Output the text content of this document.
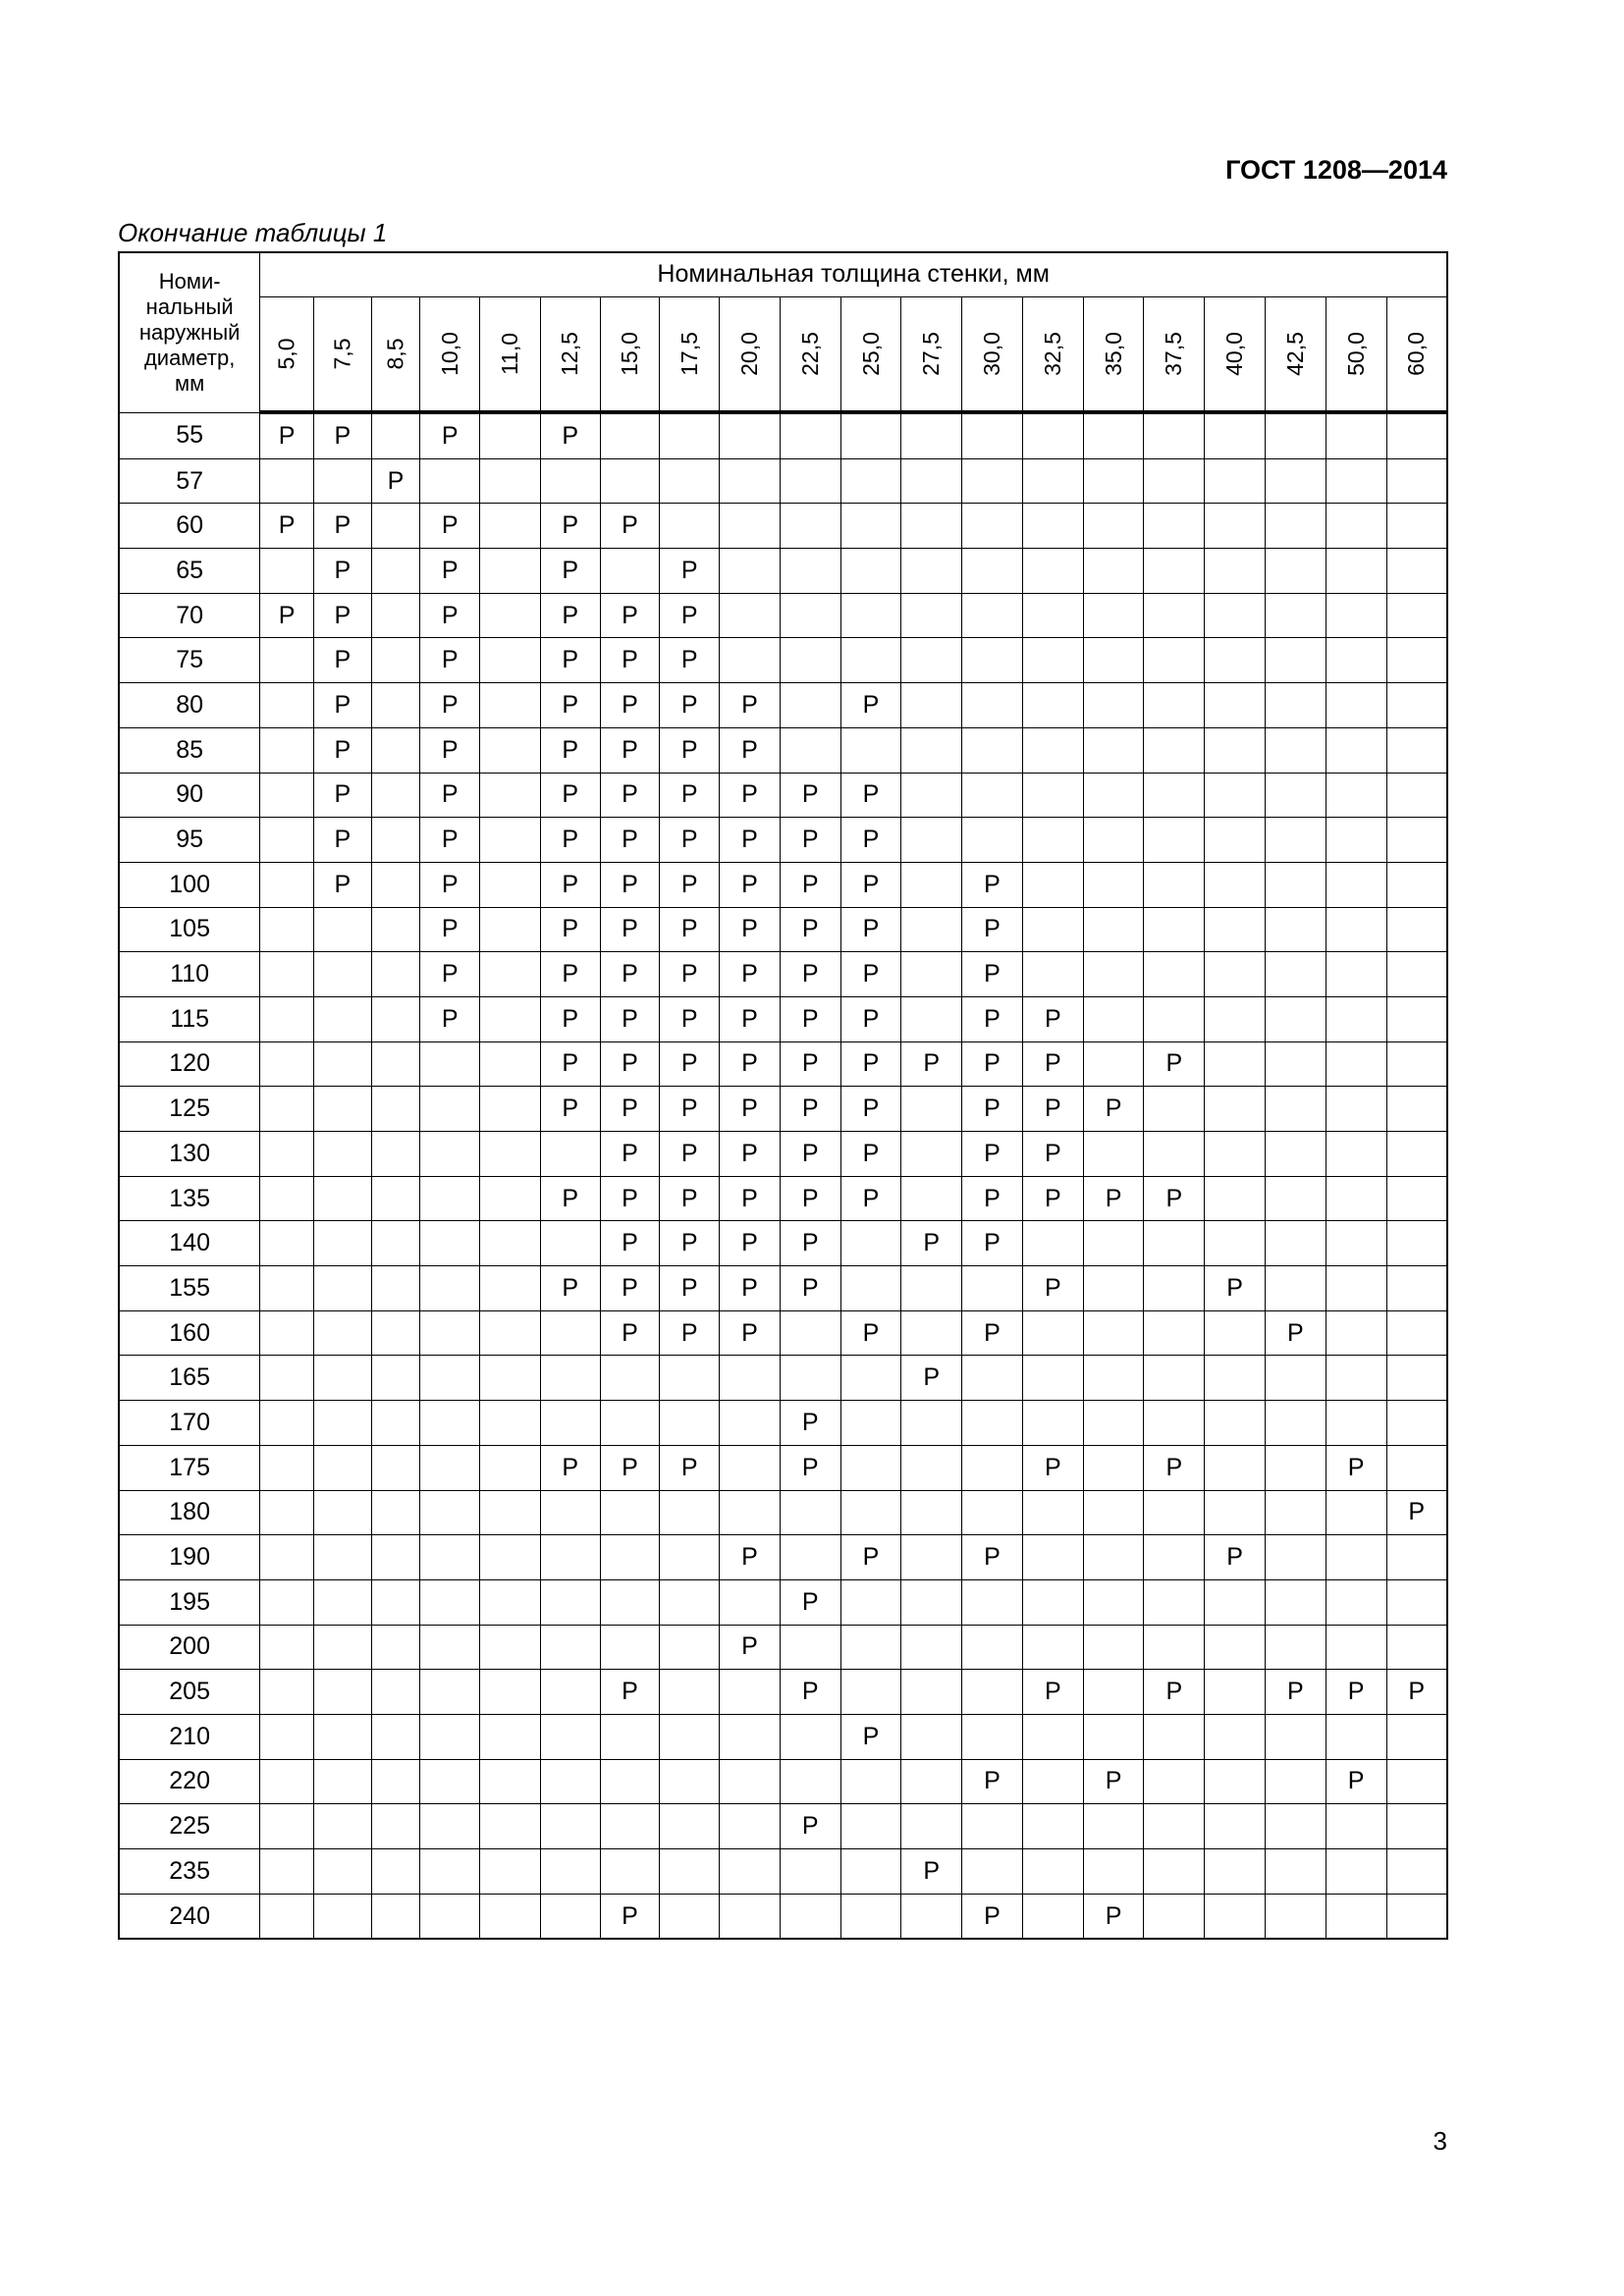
ГОСТ 1208—2014
Окончание таблицы 1
Номи-
нальный
наружный
диаметр,
мм	Номинальная толщина стенки, мм																			
	5,0	7,5	8,5	10,0	11,0	12,5	15,0	17,5	20,0	22,5	25,0	27,5	30,0	32,5	35,0	37,5	40,0	42,5	50,0	60,0
55	Р	Р		Р		Р														
57			Р																	
60	Р	Р		Р		Р	Р													
65		Р		Р		Р		Р												
70	Р	Р		Р		Р	Р	Р												
75		Р		Р		Р	Р	Р												
80		Р		Р		Р	Р	Р	Р		Р									
85		Р		Р		Р	Р	Р	Р											
90		Р		Р		Р	Р	Р	Р	Р	Р									
95		Р		Р		Р	Р	Р	Р	Р	Р									
100		Р		Р		Р	Р	Р	Р	Р	Р		Р							
105				Р		Р	Р	Р	Р	Р	Р		Р							
110				Р		Р	Р	Р	Р	Р	Р		Р							
115				Р		Р	Р	Р	Р	Р	Р		Р	Р						
120						Р	Р	Р	Р	Р	Р	Р	Р	Р		Р				
125						Р	Р	Р	Р	Р	Р		Р	Р	Р					
130							Р	Р	Р	Р	Р		Р	Р						
135						Р	Р	Р	Р	Р	Р		Р	Р	Р	Р				
140							Р	Р	Р	Р		Р	Р							
155						Р	Р	Р	Р	Р				Р			Р			
160							Р	Р	Р		Р		Р					Р		
165												Р								
170										Р										
175						Р	Р	Р		Р				Р		Р			Р	
180																				Р
190									Р		Р		Р				Р			
195										Р										
200									Р											
205							Р			Р				Р		Р		Р	Р	Р
210											Р									
220													Р		Р				Р	
225										Р										
235												Р								
240							Р						Р		Р					
3
